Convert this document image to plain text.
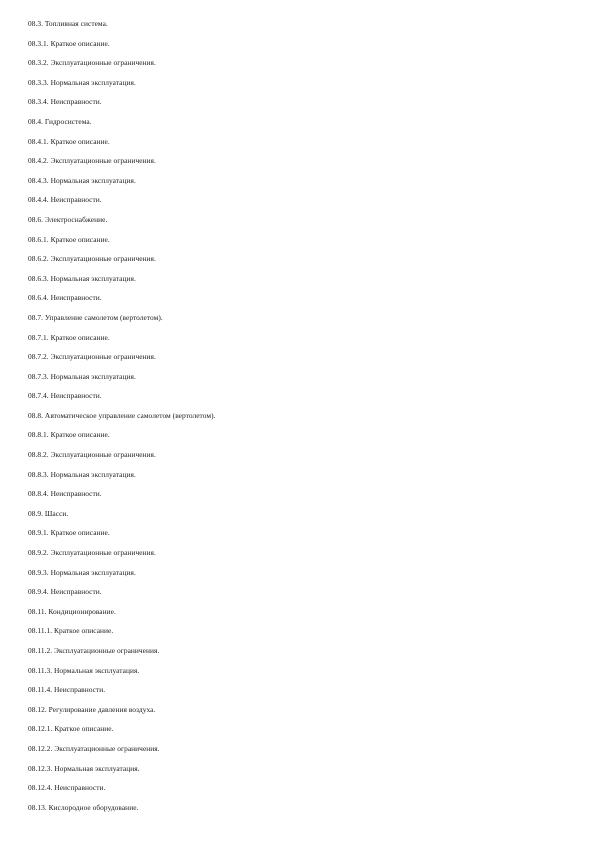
08.3. Топливная система.
08.3.1. Краткое описание.
08.3.2. Эксплуатационные ограничения.
08.3.3. Нормальная эксплуатация.
08.3.4. Неисправности.
08.4. Гидросистема.
08.4.1. Краткое описание.
08.4.2. Эксплуатационные ограничения.
08.4.3. Нормальная эксплуатация.
08.4.4. Неисправности.
08.6. Электроснабжение.
08.6.1. Краткое описание.
08.6.2. Эксплуатационные ограничения.
08.6.3. Нормальная эксплуатация.
08.6.4. Неисправности.
08.7. Управление самолетом (вертолетом).
08.7.1. Краткое описание.
08.7.2. Эксплуатационные ограничения.
08.7.3. Нормальная эксплуатация.
08.7.4. Неисправности.
08.8. Автоматическое управление самолетом (вертолетом).
08.8.1. Краткое описание.
08.8.2. Эксплуатационные ограничения.
08.8.3. Нормальная эксплуатация.
08.8.4. Неисправности.
08.9. Шасси.
08.9.1. Краткое описание.
08.9.2. Эксплуатационные ограничения.
08.9.3. Нормальная эксплуатация.
08.9.4. Неисправности.
08.11. Кондиционирование.
08.11.1. Краткое описание.
08.11.2. Эксплуатационные ограничения.
08.11.3. Нормальная эксплуатация.
08.11.4. Неисправности.
08.12. Регулирование давления воздуха.
08.12.1. Краткое описание.
08.12.2. Эксплуатационные ограничения.
08.12.3. Нормальная эксплуатация.
08.12.4. Неисправности.
08.13. Кислородное оборудование.
